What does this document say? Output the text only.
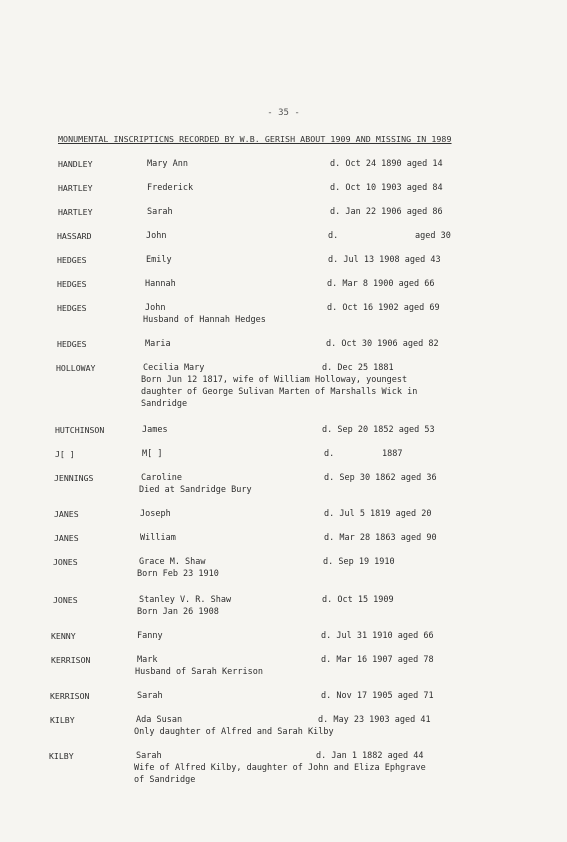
- 35 -
MONUMENTAL INSCRIPTICNS RECORDED BY W.B. GERISH ABOUT 1909 AND MISSING IN 1989
HANDLEY	Mary Ann	d. Oct 24 1890 aged 14
HARTLEY	Frederick	d. Oct 10 1903 aged 84
HARTLEY	Sarah	d. Jan 22 1906 aged 86
HASSARD	John	d.	aged 30
HEDGES	Emily	d. Jul 13 1908 aged 43
HEDGES	Hannah	d. Mar 8 1900 aged 66
HEDGES	John	d. Oct 16 1902 aged 69
Husband of Hannah Hedges
HEDGES	Maria	d. Oct 30 1906 aged 82
HOLLOWAY	Cecilia Mary	d. Dec 25 1881
Born Jun 12 1817, wife of William Holloway, youngest
daughter of George Sulivan Marten of Marshalls Wick in
Sandridge
HUTCHINSON	James	d. Sep 20 1852 aged 53
J[ ]	M[ ]	d.	1887
JENNINGS	Caroline	d. Sep 30 1862 aged 36
Died at Sandridge Bury
JANES	Joseph	d. Jul 5 1819 aged 20
JANES	William	d. Mar 28 1863 aged 90
JONES	Grace M. Shaw	d. Sep 19 1910
Born Feb 23 1910
JONES	Stanley V. R. Shaw	d. Oct 15 1909
Born Jan 26 1908
KENNY	Fanny	d. Jul 31 1910 aged 66
KERRISON	Mark	d. Mar 16 1907 aged 78
Husband of Sarah Kerrison
KERRISON	Sarah	d. Nov 17 1905 aged 71
KILBY	Ada Susan	d. May 23 1903 aged 41
Only daughter of Alfred and Sarah Kilby
KILBY	Sarah	d. Jan 1 1882 aged 44
Wife of Alfred Kilby, daughter of John and Eliza Ephgrave
of Sandridge
